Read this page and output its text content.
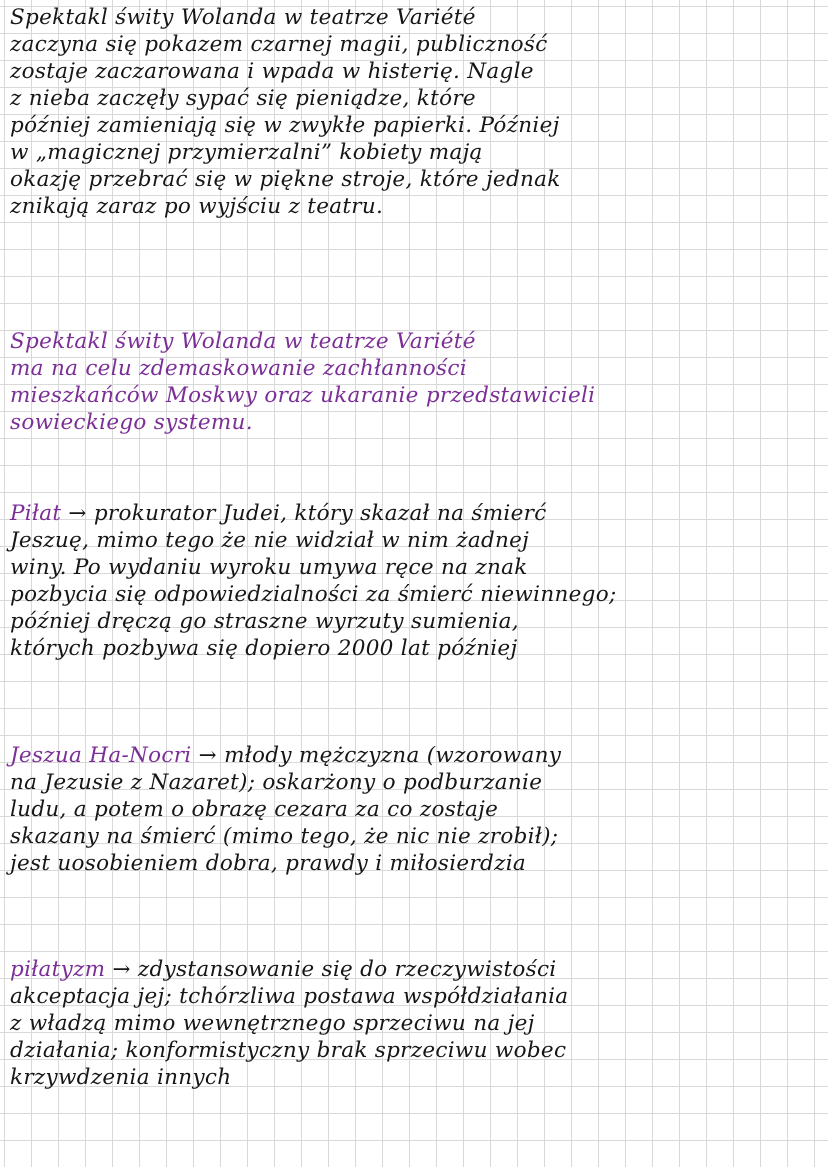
Spektakl świty Wolanda w teatrze Variété
zaczyna się pokazem czarnej magii, publiczność
zostaje zaczarowana i wpada w histerię. Nagle
z nieba zaczęły sypać się pieniądze, które
później zamieniają się w zwykłe papierki. Później
w „magicznej przymierzalni” kobiety mają
okazję przebrać się w piękne stroje, które jednak
znikają zaraz po wyjściu z teatru.
Spektakl świty Wolanda w teatrze Variété
ma na celu zdemaskowanie zachłanności
mieszkańców Moskwy oraz ukaranie przedstawicieli
sowieckiego systemu.
Piłat → prokurator Judei, który skazał na śmierć
Jeszuę, mimo tego że nie widział w nim żadnej
winy. Po wydaniu wyroku umywa ręce na znak
pozbycia się odpowiedzialności za śmierć niewinnego;
później dręczą go straszne wyrzuty sumienia,
których pozbywa się dopiero 2000 lat później
Jeszua Ha-Nocri → młody mężczyzna (wzorowany
na Jezusie z Nazaret); oskarżony o podburzanie
ludu, a potem o obrazę cezara za co zostaje
skazany na śmierć (mimo tego, że nic nie zrobił);
jest uosobieniem dobra, prawdy i miłosierdzia
piłatyzm → zdystansowanie się do rzeczywistości
akceptacja jej; tchórzliwa postawa współdziałania
z władzą mimo wewnętrznego sprzeciwu na jej
działania; konformistyczny brak sprzeciwu wobec
krzywdzenia innych
